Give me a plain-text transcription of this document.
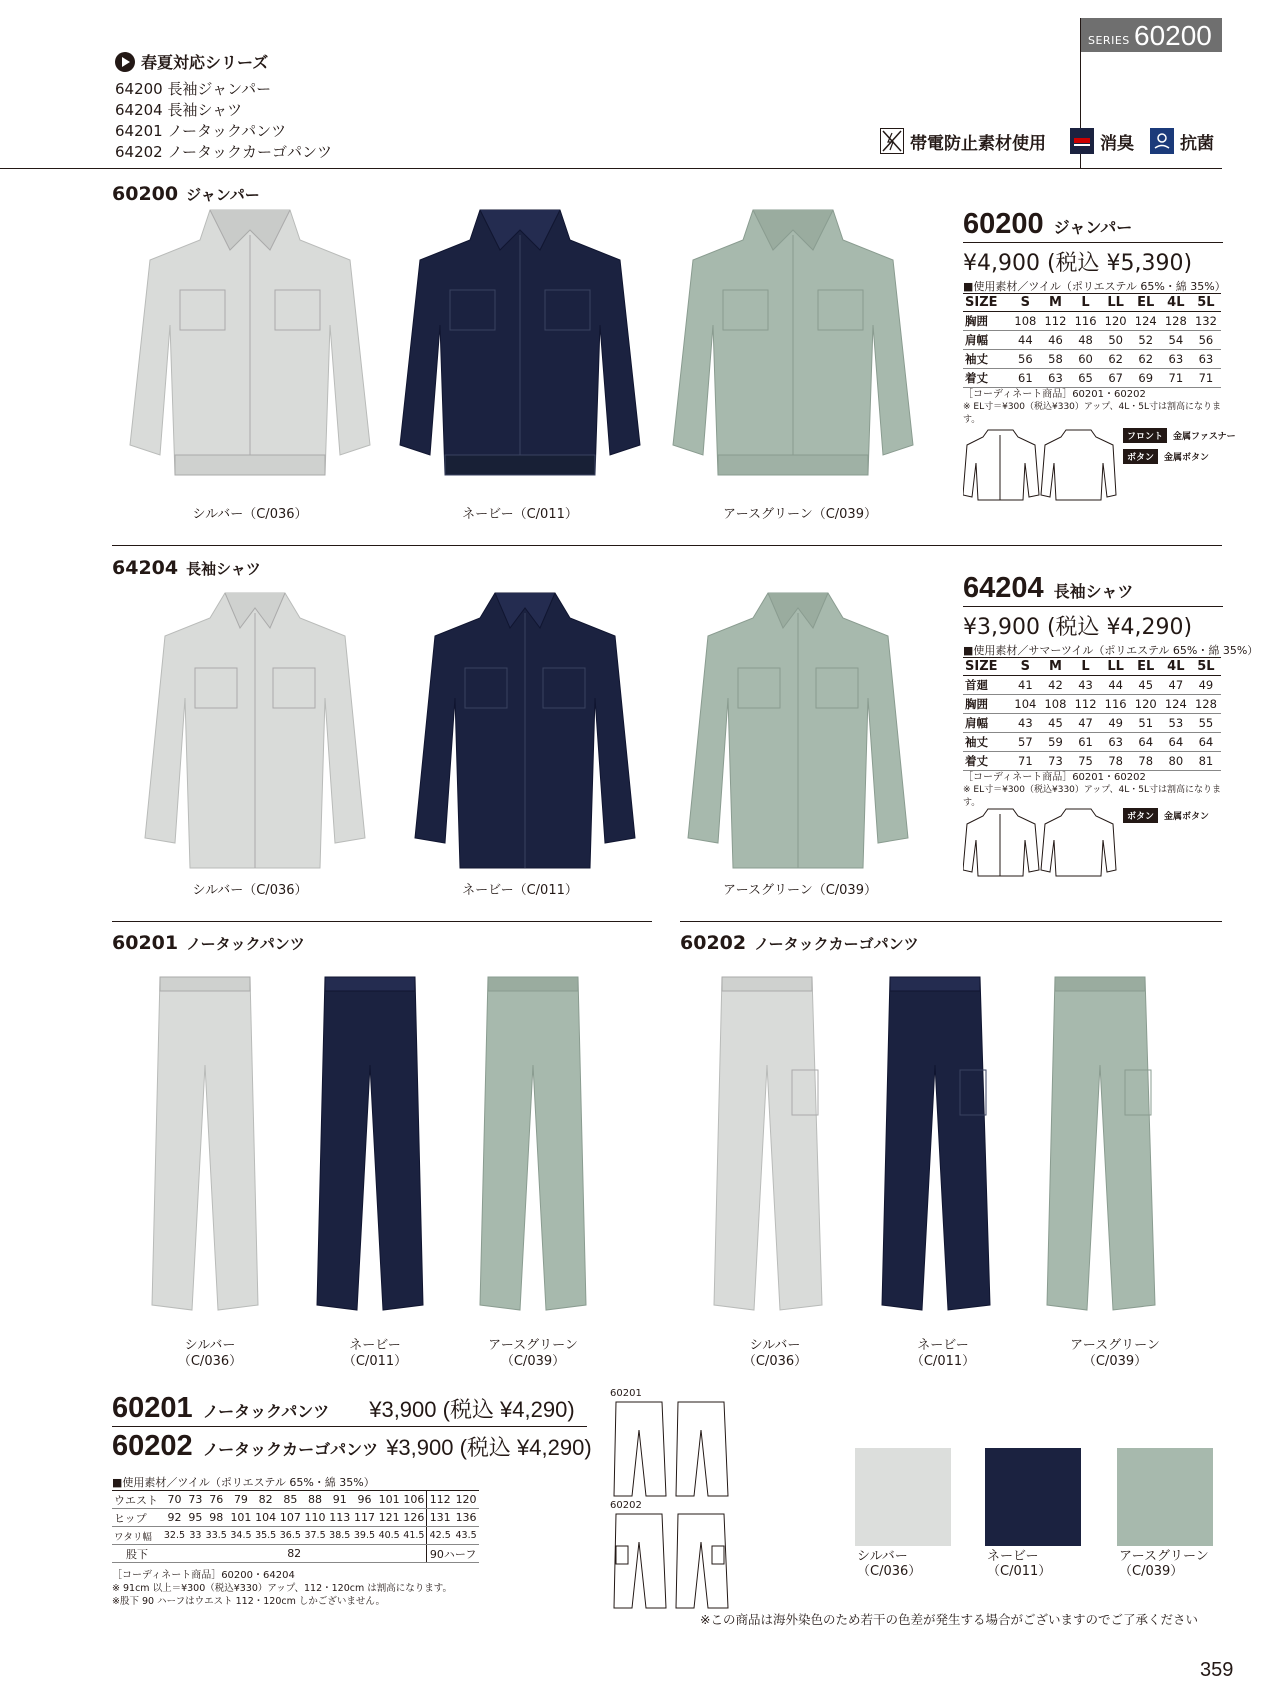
SERIES 60200
春夏対応シリーズ
64200 長袖ジャンパー
64204 長袖シャツ
64201 ノータックパンツ
64202 ノータックカーゴパンツ	帯電防止素材使用	消臭	抗菌
60200 ジャンパー
シルバー（C/036）	ネービー（C/011）	アースグリーン（C/039）
60200 ジャンパー
¥4,900 (税込 ¥5,390)
■使用素材／ツイル（ポリエステル 65%・綿 35%）
SIZE	S	M	L	LL	EL	4L	5L
胸囲	108	112	116	120	124	128	132
肩幅	44	46	48	50	52	54	56
袖丈	56	58	60	62	62	63	63
着丈	61	63	65	67	69	71	71
［コーディネート商品］60201・60202
※ EL寸＝¥300（税込¥330）アップ、4L・5L寸は割高になります。
フロント	金属ファスナー
ボタン	金属ボタン
64204 長袖シャツ
シルバー（C/036）	ネービー（C/011）	アースグリーン（C/039）
64204 長袖シャツ
¥3,900 (税込 ¥4,290)
■使用素材／サマーツイル（ポリエステル 65%・綿 35%）
SIZE	S	M	L	LL	EL	4L	5L
首廻	41	42	43	44	45	47	49
胸囲	104	108	112	116	120	124	128
肩幅	43	45	47	49	51	53	55
袖丈	57	59	61	63	64	64	64
着丈	71	73	75	78	78	80	81
［コーディネート商品］60201・60202
※ EL寸＝¥300（税込¥330）アップ、4L・5L寸は割高になります。
ボタン	金属ボタン
60201 ノータックパンツ	60202 ノータックカーゴパンツ
シルバー
（C/036）
ネービー
（C/011）
アースグリーン
（C/039）
シルバー
（C/036）
ネービー
（C/011）
アースグリーン
（C/039）
60201 ノータックパンツ ¥3,900 (税込 ¥4,290)
60202 ノータックカーゴパンツ ¥3,900 (税込 ¥4,290)
■使用素材／ツイル（ポリエステル 65%・綿 35%）
ウエスト	70	73	76	79	82	85	88	91	96	101	106	112	120
ヒップ	92	95	98	101	104	107	110	113	117	121	126	131	136
ワタリ幅	32.5	33	33.5	34.5	35.5	36.5	37.5	38.5	39.5	40.5	41.5	42.5	43.5
股下	82											90ハーフ	
［コーディネート商品］60200・64204
※ 91cm 以上＝¥300（税込¥330）アップ、112・120cm は割高になります。
※股下 90 ハーフはウエスト 112・120cm しかございません。
60201
60202
シルバー
（C/036）
ネービー
（C/011）
アースグリーン
（C/039）
※この商品は海外染色のため若干の色差が発生する場合がございますのでご了承ください
359
